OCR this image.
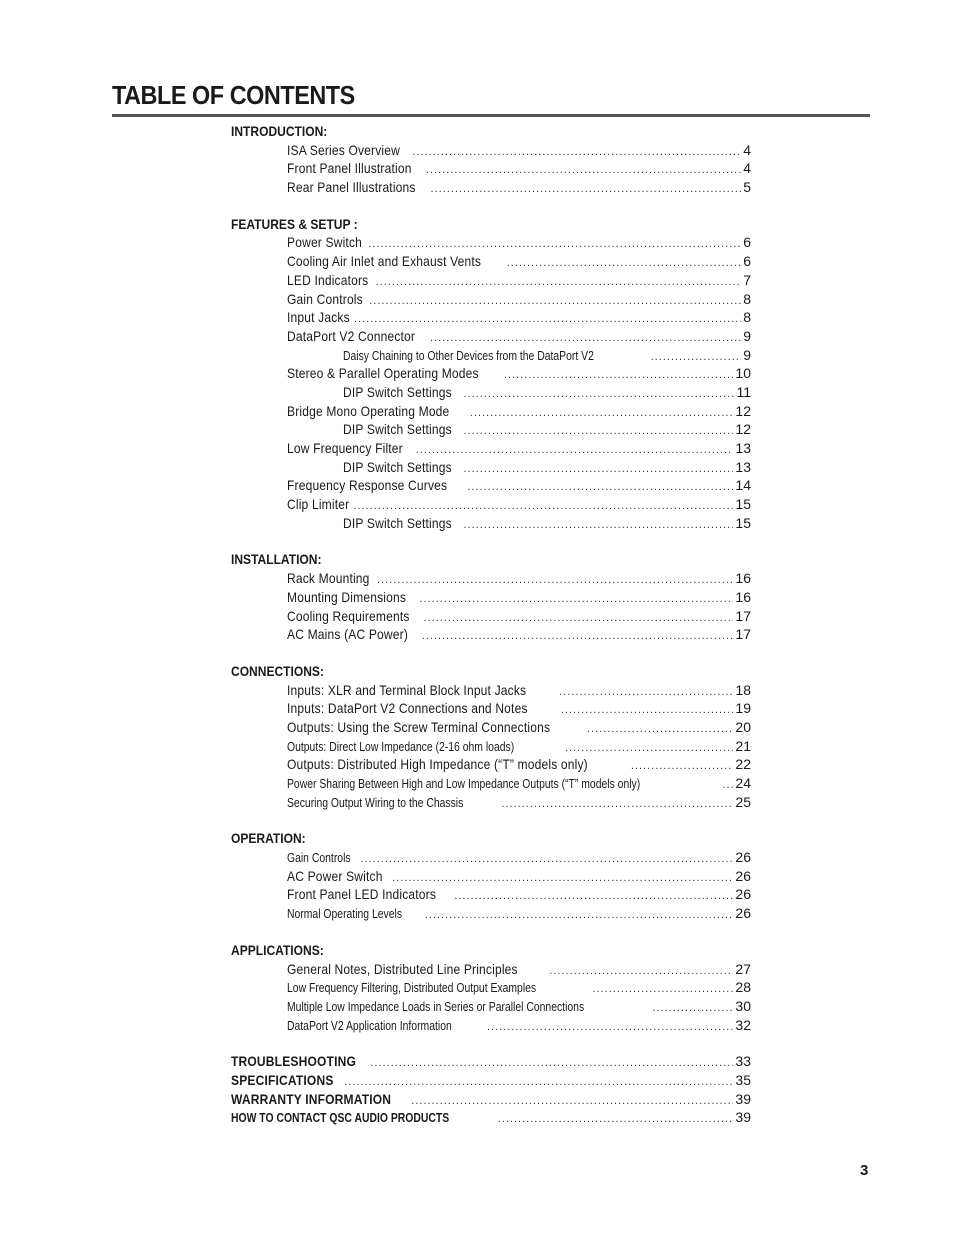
TABLE OF CONTENTS
INTRODUCTION:
ISA Series Overview .....	4
Front Panel Illustration .....	4
Rear Panel Illustrations .....	5
FEATURES & SETUP :
Power Switch .....	6
Cooling Air Inlet and Exhaust Vents .....	6
LED Indicators .....	7
Gain Controls .....	8
Input Jacks .....	8
DataPort V2 Connector .....	9
Daisy Chaining to Other Devices from the DataPort V2 .....	9
Stereo & Parallel Operating Modes .....	10
DIP Switch Settings .....	11
Bridge Mono Operating Mode .....	12
DIP Switch Settings .....	12
Low Frequency Filter .....	13
DIP Switch Settings .....	13
Frequency Response Curves .....	14
Clip Limiter .....	15
DIP Switch Settings .....	15
INSTALLATION:
Rack Mounting .....	16
Mounting Dimensions .....	16
Cooling Requirements .....	17
AC Mains (AC Power) .....	17
CONNECTIONS:
Inputs: XLR and Terminal Block Input Jacks .....	18
Inputs: DataPort V2 Connections and Notes .....	19
Outputs: Using the Screw Terminal Connections .....	20
Outputs: Direct Low Impedance (2-16 ohm loads) .....	21
Outputs: Distributed High Impedance (“T” models only) .....	22
Power Sharing Between High and Low Impedance Outputs (“T” models only) .....	24
Securing Output Wiring to the Chassis .....	25
OPERATION:
Gain Controls .....	26
AC Power Switch .....	26
Front Panel LED Indicators .....	26
Normal Operating Levels .....	26
APPLICATIONS:
General Notes, Distributed Line Principles .....	27
Low Frequency Filtering, Distributed Output Examples .....	28
Multiple Low Impedance Loads in Series or Parallel Connections .....	30
DataPort V2 Application Information .....	32
TROUBLESHOOTING .....	33
SPECIFICATIONS .....	35
WARRANTY INFORMATION .....	39
HOW TO CONTACT QSC AUDIO PRODUCTS .....	39
3
